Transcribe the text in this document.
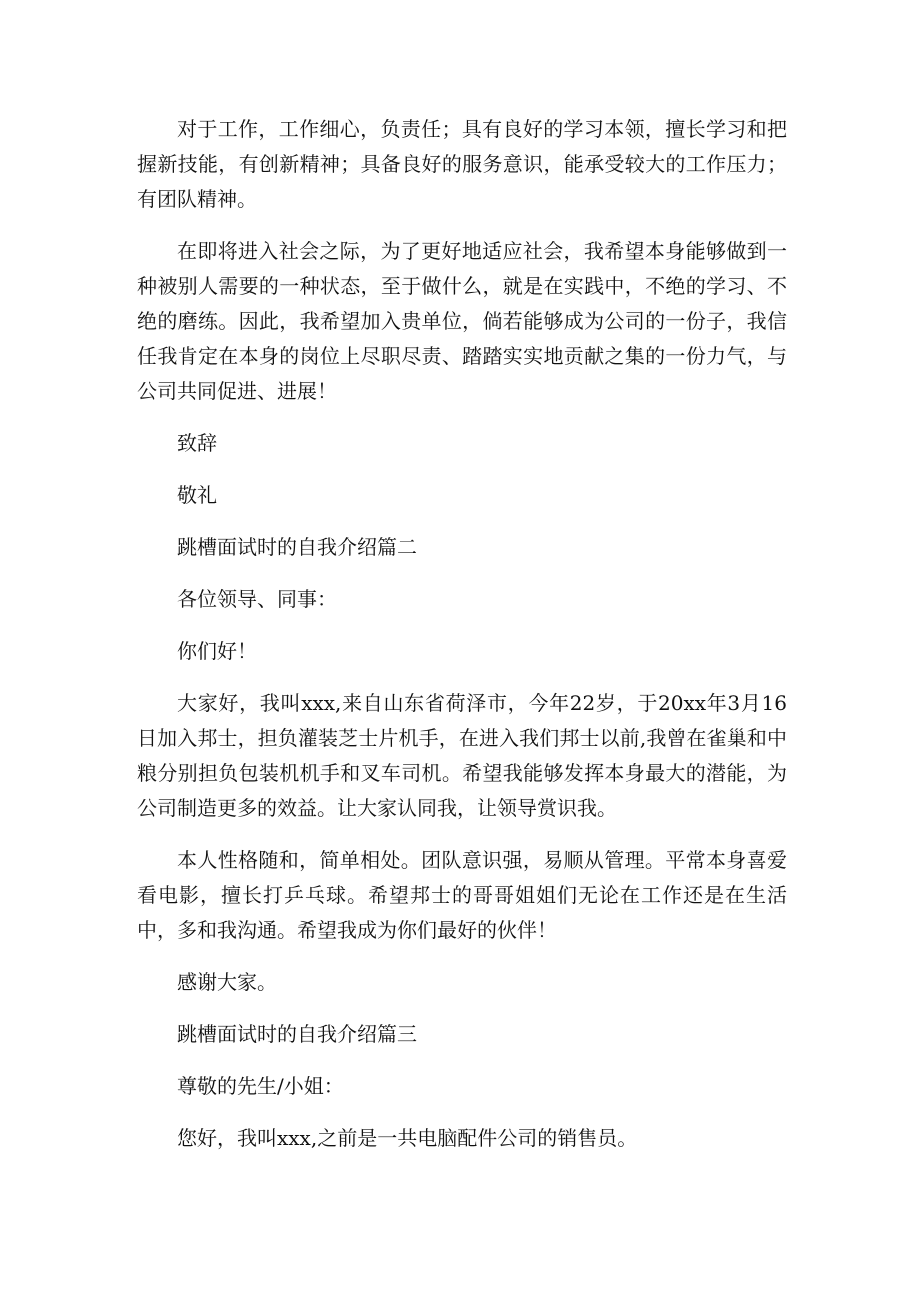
对于工作，工作细心，负责任；具有良好的学习本领，擅长学习和把握新技能，有创新精神；具备良好的服务意识，能承受较大的工作压力；有团队精神。

在即将进入社会之际，为了更好地适应社会，我希望本身能够做到一种被别人需要的一种状态，至于做什么，就是在实践中，不绝的学习、不绝的磨练。因此，我希望加入贵单位，倘若能够成为公司的一份子，我信任我肯定在本身的岗位上尽职尽责、踏踏实实地贡献之集的一份力气，与公司共同促进、进展！

致辞

敬礼

跳槽面试时的自我介绍篇二

各位领导、同事：

你们好！

大家好，我叫xxx,来自山东省荷泽市，今年22岁，于20xx年3月16日加入邦士，担负灌装芝士片机手，在进入我们邦士以前,我曾在雀巢和中粮分别担负包装机机手和叉车司机。希望我能够发挥本身最大的潜能，为公司制造更多的效益。让大家认同我，让领导赏识我。

本人性格随和，简单相处。团队意识强，易顺从管理。平常本身喜爱看电影，擅长打乒乓球。希望邦士的哥哥姐姐们无论在工作还是在生活中，多和我沟通。希望我成为你们最好的伙伴！

感谢大家。

跳槽面试时的自我介绍篇三

尊敬的先生/小姐：

您好，我叫xxx,之前是一共电脑配件公司的销售员。
